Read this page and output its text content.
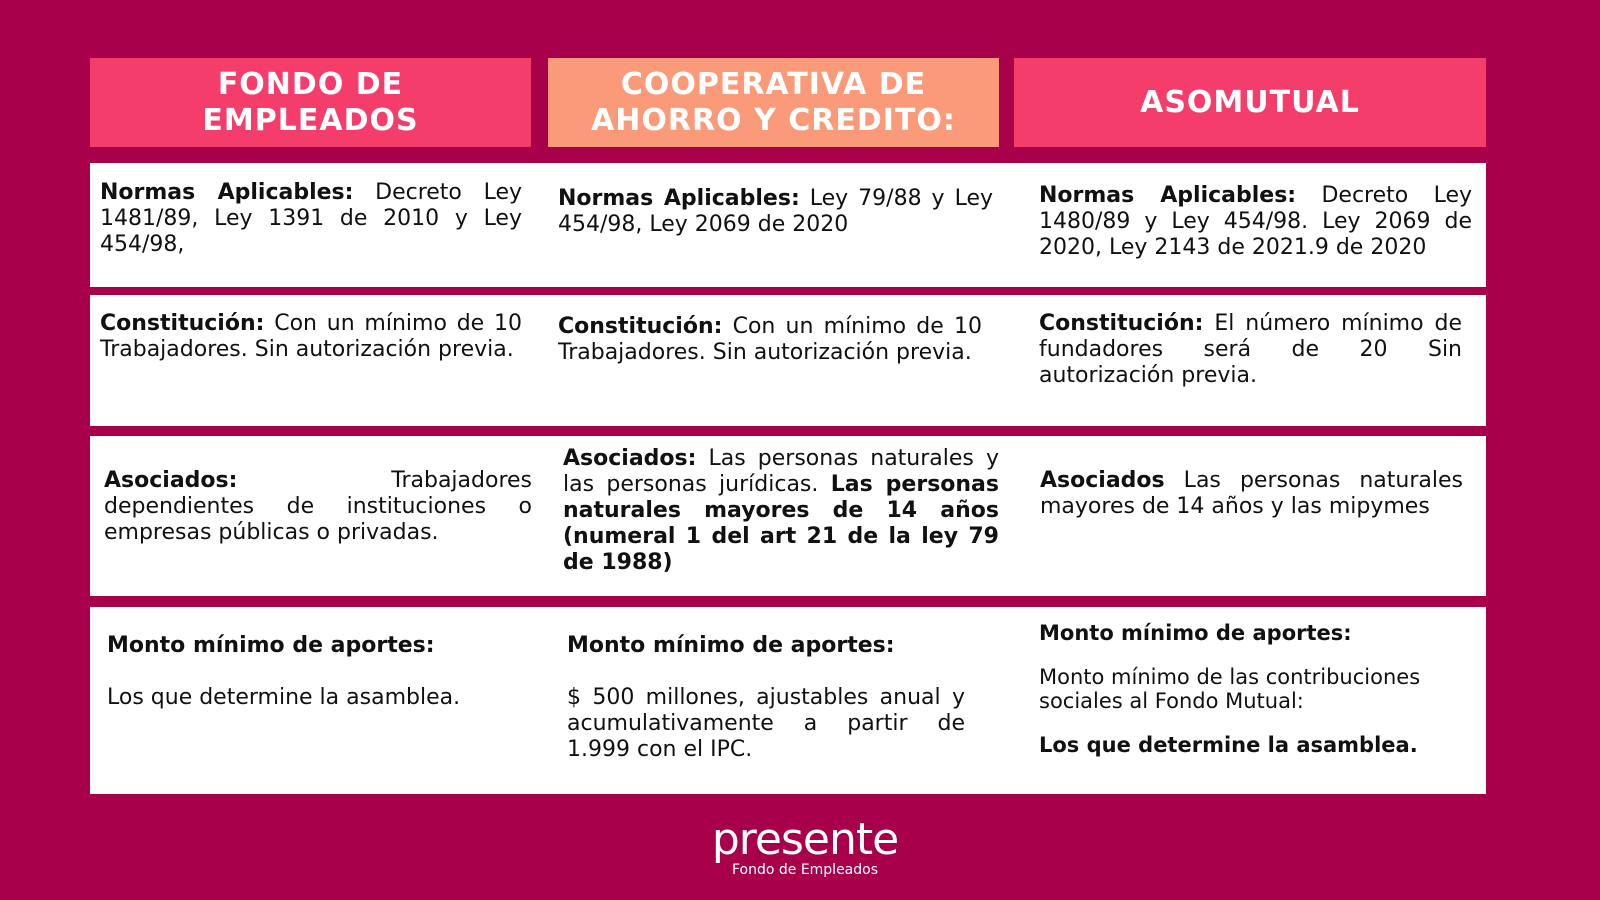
FONDO DE
EMPLEADOS
COOPERATIVA DE
AHORRO Y CREDITO:
ASOMUTUAL
Normas Aplicables: Decreto Ley 1481/89, Ley 1391 de 2010 y Ley 454/98,
Normas Aplicables: Ley 79/88 y Ley 454/98, Ley 2069 de 2020
Normas Aplicables: Decreto Ley 1480/89 y Ley 454/98. Ley 2069 de 2020, Ley 2143 de 2021.9 de 2020
Constitución: Con un mínimo de 10 Trabajadores. Sin autorización previa.
Constitución: Con un mínimo de 10 Trabajadores. Sin autorización previa.
Constitución: El número mínimo de fundadores será de 20 Sin autorización previa.
Asociados: Trabajadores dependientes de instituciones o empresas públicas o privadas.
Asociados: Las personas naturales y las personas jurídicas. Las personas naturales mayores de 14 años (numeral 1 del art 21 de la ley 79 de 1988)
Asociados Las personas naturales mayores de 14 años y las mipymes

Monto mínimo de aportes:

Los que determine la asamblea.

Monto mínimo de aportes:

$ 500 millones, ajustables anual y acumulativamente a partir de 1.999 con el IPC.

Monto mínimo de aportes:

Monto mínimo de las contribuciones sociales al Fondo Mutual:

Los que determine la asamblea.

presente
Fondo de Empleados
